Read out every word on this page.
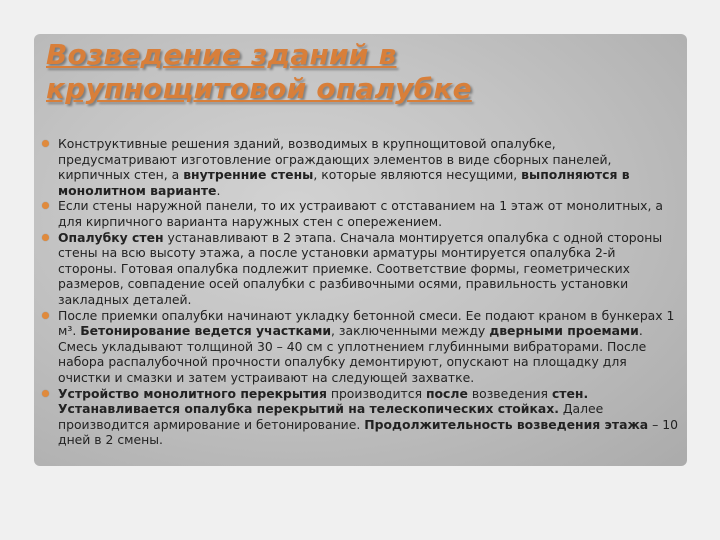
Возведение зданий в крупнощитовой опалубке
Конструктивные решения зданий, возводимых в крупнощитовой опалубке, предусматривают изготовление ограждающих элементов в виде сборных панелей, кирпичных стен, а внутренние стены, которые являются несущими, выполняются в монолитном варианте.
Если стены наружной панели, то их устраивают с отставанием на 1 этаж от монолитных, а для кирпичного варианта наружных стен с опережением.
Опалубку стен устанавливают в 2 этапа. Сначала монтируется опалубка с одной стороны стены на всю высоту этажа, а после установки арматуры монтируется опалубка 2-й стороны. Готовая опалубка подлежит приемке. Соответствие формы, геометрических размеров, совпадение осей опалубки с разбивочными осями, правильность установки закладных деталей.
После приемки опалубки начинают укладку бетонной смеси. Ее подают краном в бункерах 1 м³. Бетонирование ведется участками, заключенными между дверными проемами. Смесь укладывают толщиной 30 – 40 см с уплотнением глубинными вибраторами. После набора распалубочной прочности опалубку демонтируют, опускают на площадку для очистки и смазки и затем устраивают на следующей захватке.
Устройство монолитного перекрытия производится после возведения стен. Устанавливается опалубка перекрытий на телескопических стойках. Далее производится армирование и бетонирование. Продолжительность возведения этажа – 10 дней в 2 смены.
